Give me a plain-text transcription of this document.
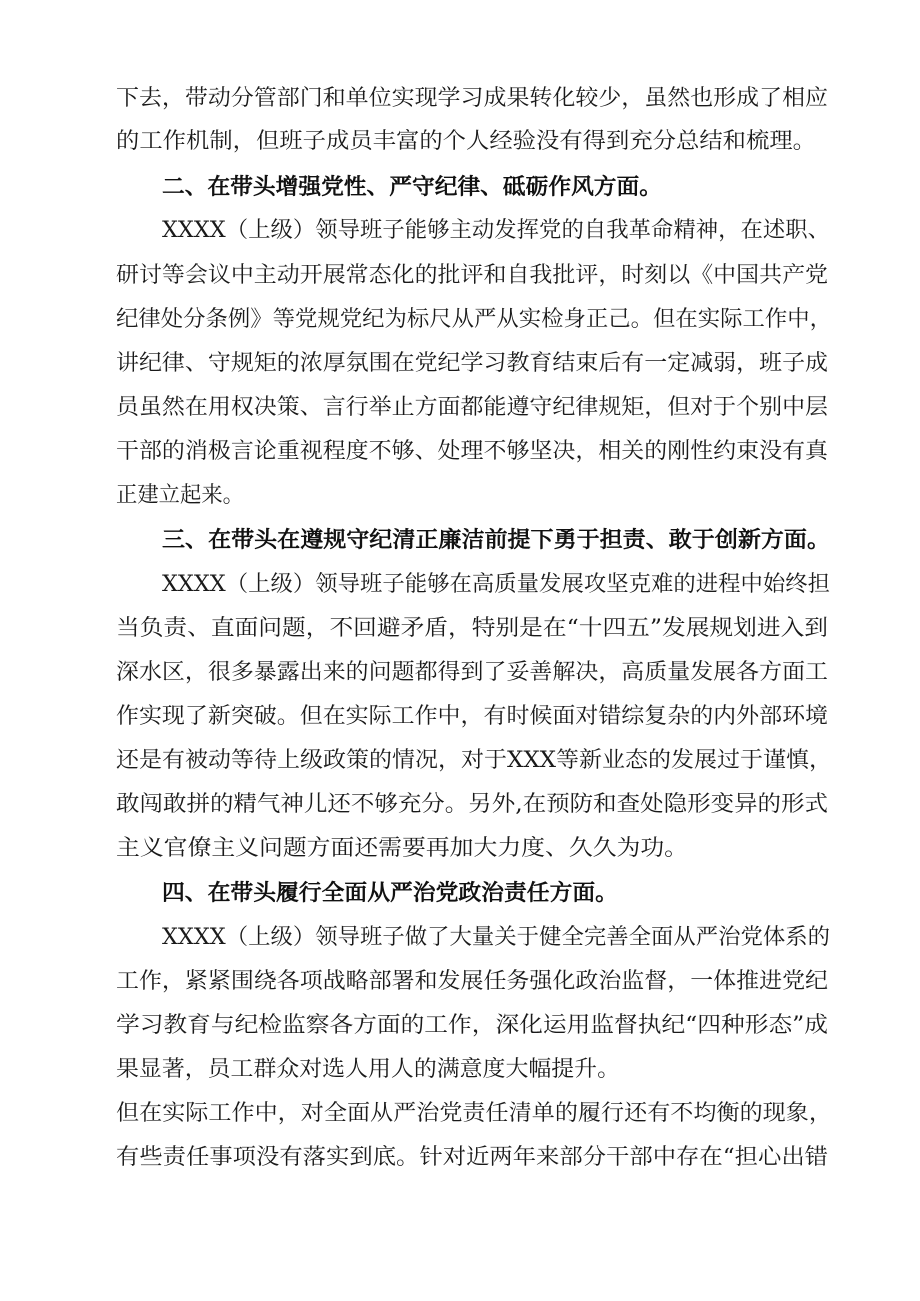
下去，带动分管部门和单位实现学习成果转化较少，虽然也形成了相应
的工作机制，但班子成员丰富的个人经验没有得到充分总结和梳理。
二、在带头增强党性、严守纪律、砥砺作风方面。
XXXX（上级）领导班子能够主动发挥党的自我革命精神，在述职、
研讨等会议中主动开展常态化的批评和自我批评，时刻以《中国共产党
纪律处分条例》等党规党纪为标尺从严从实检身正己。但在实际工作中，
讲纪律、守规矩的浓厚氛围在党纪学习教育结束后有一定减弱，班子成
员虽然在用权决策、言行举止方面都能遵守纪律规矩，但对于个别中层
干部的消极言论重视程度不够、处理不够坚决，相关的刚性约束没有真
正建立起来。
三、在带头在遵规守纪清正廉洁前提下勇于担责、敢于创新方面。
XXXX（上级）领导班子能够在高质量发展攻坚克难的进程中始终担
当负责、直面问题，不回避矛盾，特别是在“十四五”发展规划进入到
深水区，很多暴露出来的问题都得到了妥善解决，高质量发展各方面工
作实现了新突破。但在实际工作中，有时候面对错综复杂的内外部环境
还是有被动等待上级政策的情况，对于XXX等新业态的发展过于谨慎，
敢闯敢拼的精气神儿还不够充分。另外,在预防和查处隐形变异的形式
主义官僚主义问题方面还需要再加大力度、久久为功。
四、在带头履行全面从严治党政治责任方面。
XXXX（上级）领导班子做了大量关于健全完善全面从严治党体系的
工作，紧紧围绕各项战略部署和发展任务强化政治监督，一体推进党纪
学习教育与纪检监察各方面的工作，深化运用监督执纪“四种形态”成
果显著，员工群众对选人用人的满意度大幅提升。
但在实际工作中，对全面从严治党责任清单的履行还有不均衡的现象，
有些责任事项没有落实到底。针对近两年来部分干部中存在“担心出错
